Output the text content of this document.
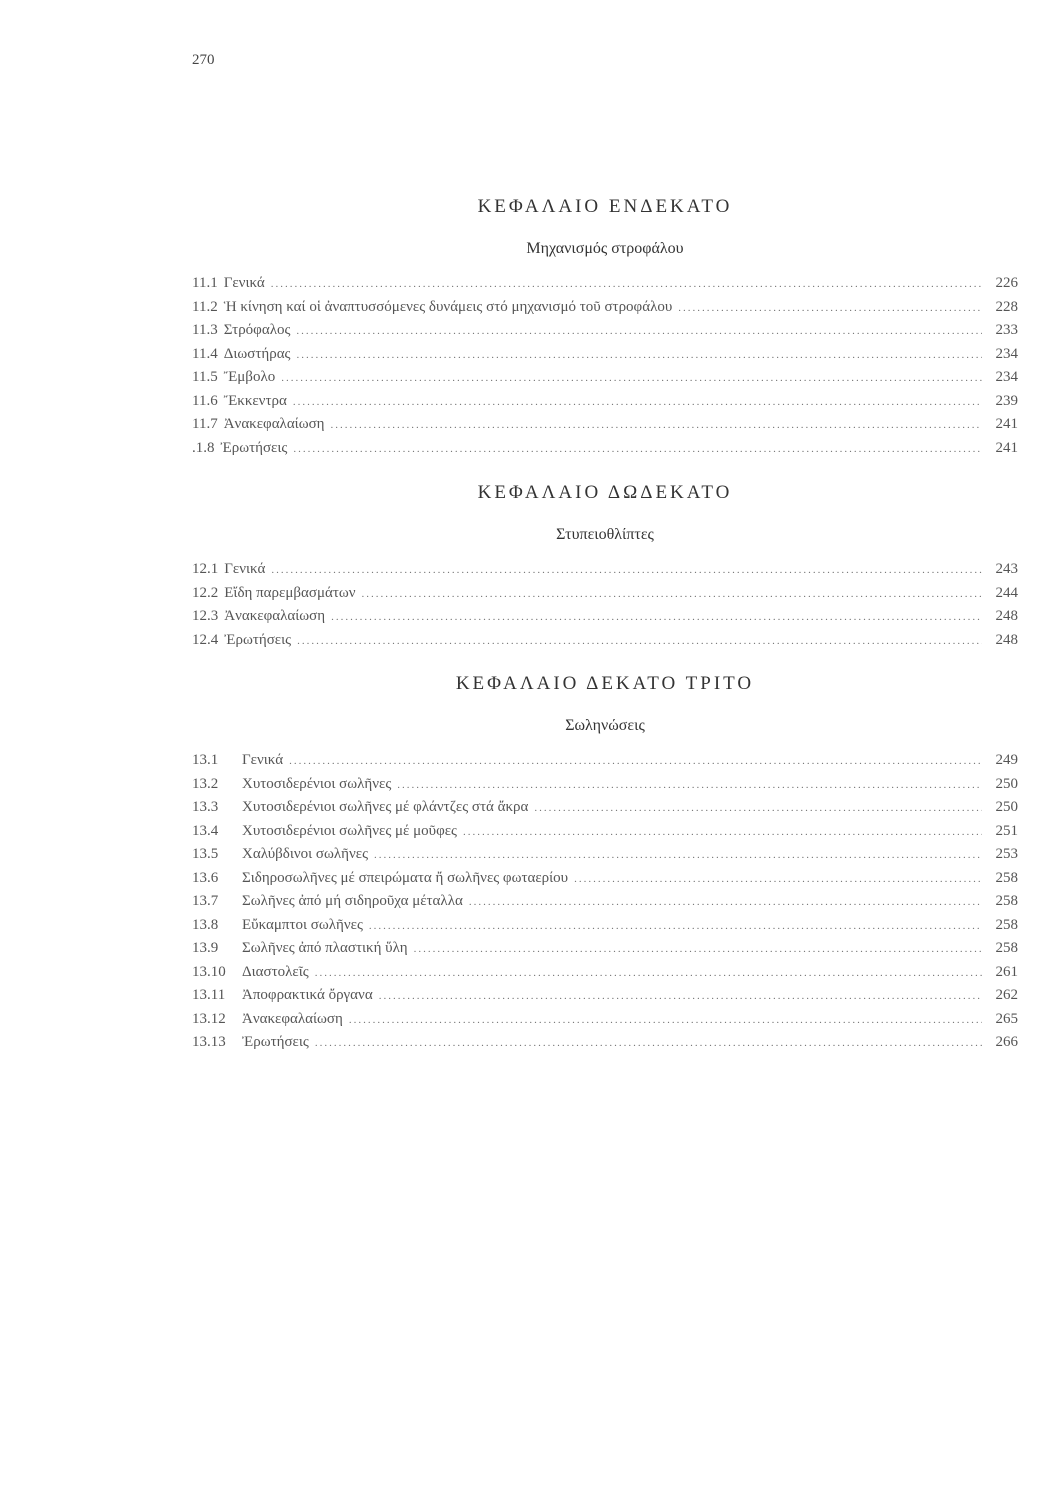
270
ΚΕΦΑΛΑΙΟ ΕΝΔΕΚΑΤΟ
Μηχανισμός στροφάλου
11.1 Γενικά .....	226
11.2 Ἡ κίνηση καί οἱ ἀναπτυσσόμενες δυνάμεις στό μηχανισμό τοῦ στροφάλου .....	228
11.3 Στρόφαλος .....	233
11.4 Διωστήρας .....	234
11.5 Ἔμβολο .....	234
11.6 Ἔκκεντρα .....	239
11.7 Ἀνακεφαλαίωση .....	241
.1.8 Ἐρωτήσεις .....	241
ΚΕΦΑΛΑΙΟ ΔΩΔΕΚΑΤΟ
Στυπειοθλίπτες
12.1 Γενικά .....	243
12.2 Εἴδη παρεμβασμάτων .....	244
12.3 Ἀνακεφαλαίωση .....	248
12.4 Ἐρωτήσεις .....	248
ΚΕΦΑΛΑΙΟ ΔΕΚΑΤΟ ΤΡΙΤΟ
Σωληνώσεις
13.1	Γενικά .....	249
13.2	Χυτοσιδερένιοι σωλῆνες .....	250
13.3	Χυτοσιδερένιοι σωλῆνες μέ φλάντζες στά ἄκρα .....	250
13.4	Χυτοσιδερένιοι σωλῆνες μέ μοῦφες .....	251
13.5	Χαλύβδινοι σωλῆνες .....	253
13.6	Σιδηροσωλῆνες μέ σπειρώματα ἤ σωλῆνες φωταερίου .....	258
13.7	Σωλῆνες ἀπό μή σιδηροῦχα μέταλλα .....	258
13.8	Εὔκαμπτοι σωλῆνες .....	258
13.9	Σωλῆνες ἀπό πλαστική ὕλη .....	258
13.10	Διαστολεῖς .....	261
13.11	Ἀποφρακτικά ὄργανα .....	262
13.12	Ἀνακεφαλαίωση .....	265
13.13	Ἐρωτήσεις .....	266
